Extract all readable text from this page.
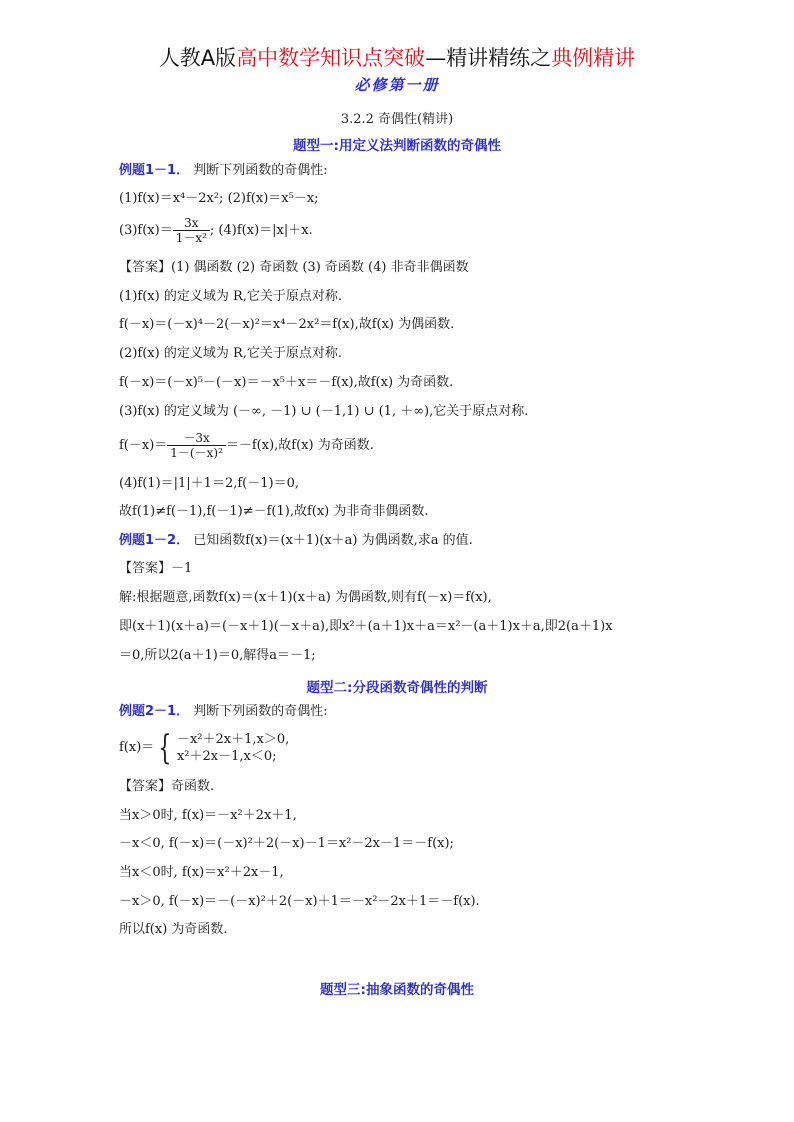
人教A版高中数学知识点突破—精讲精练之典例精讲
必修第一册
3.2.2 奇偶性(精讲)
题型一:用定义法判断函数的奇偶性
例题1－1． 判断下列函数的奇偶性:
(1)f(x)＝x⁴－2x²; (2)f(x)＝x⁵－x;
$(3)f(x)= \frac{3x}{\text{1－x²}}$ ; (4)f(x)＝|x|＋x.
【答案】(1) 偶函数 (2) 奇函数 (3) 奇函数 (4) 非奇非偶函数
(1)f(x) 的定义域为 R,它关于原点对称.
f(－x)＝(－x)⁴－2(－x)²＝x⁴－2x²＝f(x),故f(x) 为偶函数.
(2)f(x) 的定义域为 R,它关于原点对称.
f(－x)＝(－x)⁵－(－x)＝－x⁵＋x＝－f(x),故f(x) 为奇函数.
(3)f(x) 的定义域为 (－∞, －1) ∪ (－1,1) ∪ (1, ＋∞),它关于原点对称.
$f(-x)= \frac{-3x}{\text{1－(－x)²}} =-f(x)$,故f(x) 为奇函数.
(4)f(1)＝|1|＋1＝2,f(－1)＝0,
故f(1)≠f(－1),f(－1)≠－f(1),故f(x) 为非奇非偶函数.
例题1－2． 已知函数f(x)＝(x＋1)(x＋a) 为偶函数,求a 的值.
【答案】－1
解:根据题意,函数f(x)＝(x＋1)(x＋a) 为偶函数,则有f(－x)＝f(x),
即(x＋1)(x＋a)＝(－x＋1)(－x＋a),即x²＋(a＋1)x＋a＝x²－(a＋1)x＋a,即2(a＋1)x
＝0,所以2(a＋1)＝0,解得a＝－1;
题型二:分段函数奇偶性的判断
例题2－1． 判断下列函数的奇偶性:
f(x)＝ { －x²＋2x＋1,x＞0,
x²＋2x－1,x＜0;
【答案】奇函数.
当x＞0时, f(x)＝－x²＋2x＋1,
－x＜0, f(－x)＝(－x)²＋2(－x)－1＝x²－2x－1＝－f(x);
当x＜0时, f(x)＝x²＋2x－1,
－x＞0, f(－x)＝－(－x)²＋2(－x)＋1＝－x²－2x＋1＝－f(x).
所以f(x) 为奇函数.
题型三:抽象函数的奇偶性
